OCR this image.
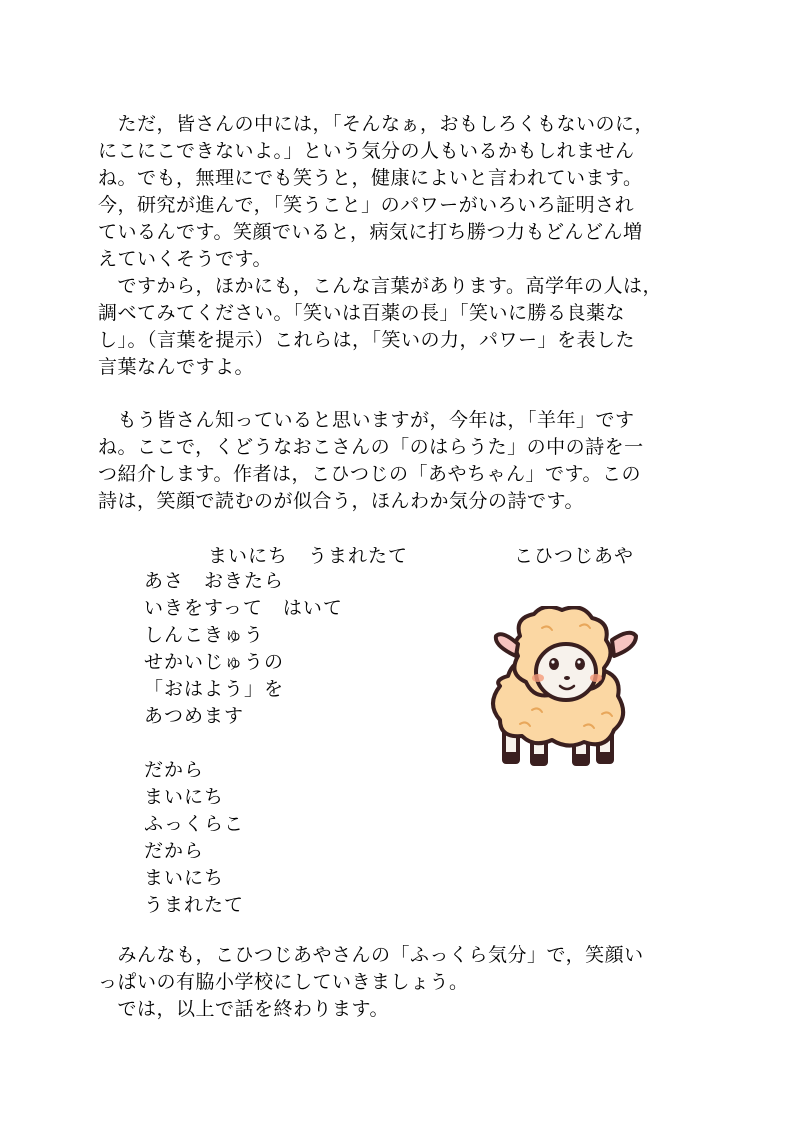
　ただ，皆さんの中には，「そんなぁ，おもしろくもないのに，
にこにこできないよ。」という気分の人もいるかもしれません
ね。でも，無理にでも笑うと，健康によいと言われています。
今，研究が進んで，「笑うこと」のパワーがいろいろ証明され
ているんです。笑顔でいると，病気に打ち勝つ力もどんどん増
えていくそうです。
　ですから，ほかにも，こんな言葉があります。高学年の人は，
調べてみてください。「笑いは百薬の長」「笑いに勝る良薬な
し」。（言葉を提示）これらは，「笑いの力，パワー」を表した
言葉なんですよ。
　もう皆さん知っていると思いますが，今年は，「羊年」です
ね。ここで，くどうなおこさんの「のはらうた」の中の詩を一
つ紹介します。作者は，こひつじの「あやちゃん」です。この
詩は，笑顔で読むのが似合う，ほんわか気分の詩です。
まいにち　うまれたて	こひつじあや
あさ　おきたら
いきをすって　はいて
しんこきゅう
せかいじゅうの
「おはよう」を
あつめます
だから
まいにち
ふっくらこ
だから
まいにち
うまれたて
　みんなも，こひつじあやさんの「ふっくら気分」で，笑顔い
っぱいの有脇小学校にしていきましょう。
　では，以上で話を終わります。
